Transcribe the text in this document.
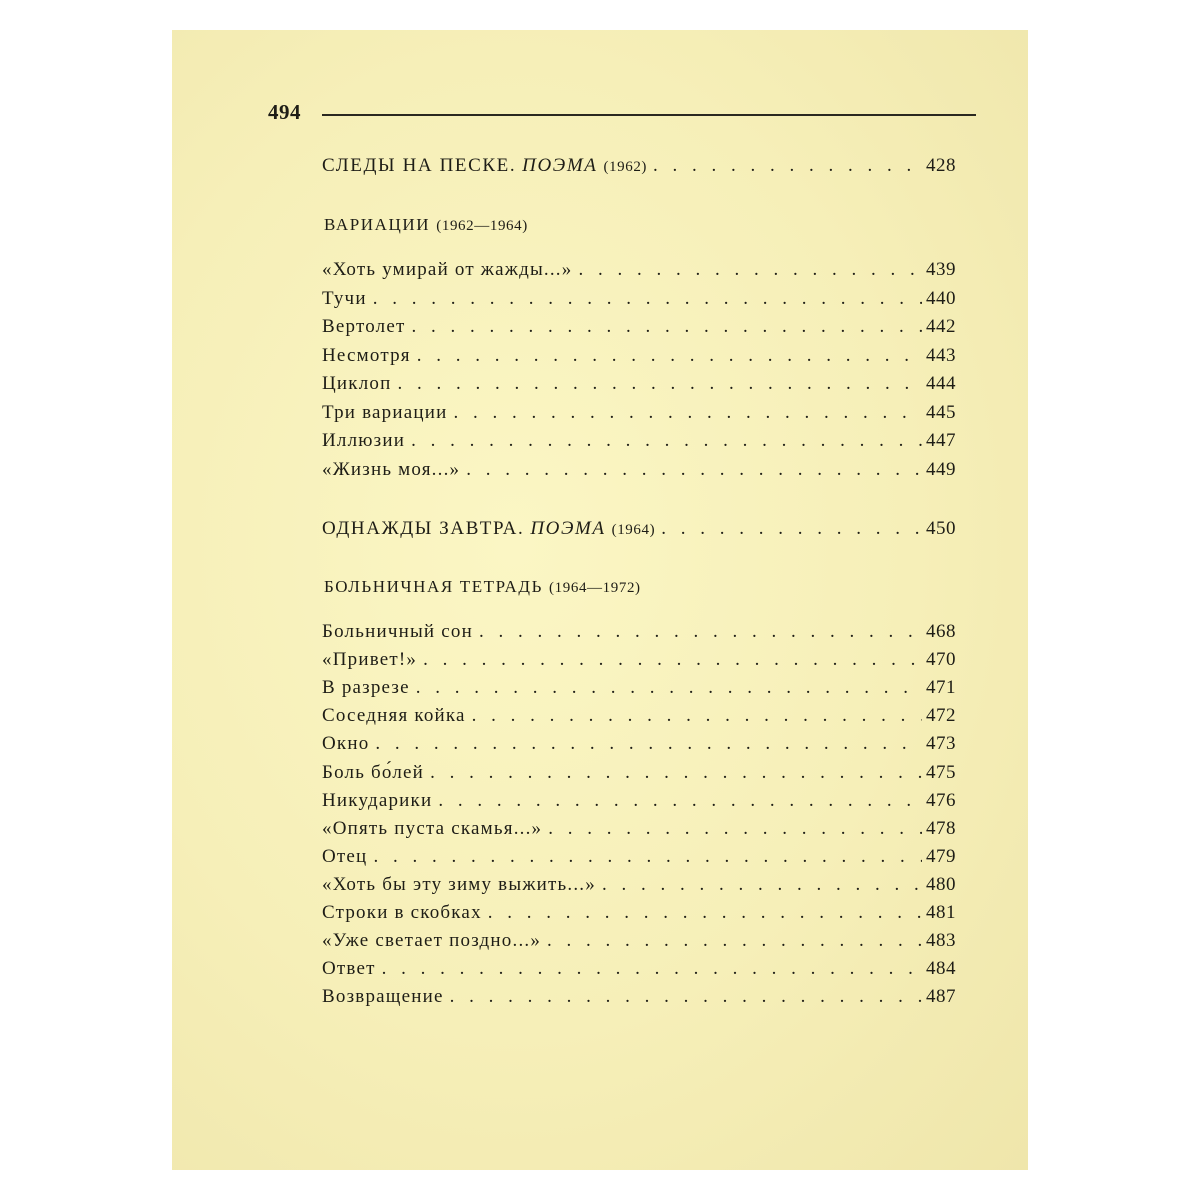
494
СЛЕДЫ НА ПЕСКЕ. ПОЭМА (1962) . . .	428
ВАРИАЦИИ (1962—1964)
«Хоть умирай от жажды...» . . .	439
Тучи . . .	440
Вертолет . . .	442
Несмотря . . .	443
Циклоп . . .	444
Три вариации . . .	445
Иллюзии . . .	447
«Жизнь моя...» . . .	449
ОДНАЖДЫ ЗАВТРА. ПОЭМА (1964) . . .	450
БОЛЬНИЧНАЯ ТЕТРАДЬ (1964—1972)
Больничный сон . . .	468
«Привет!» . . .	470
В разрезе . . .	471
Соседняя койка . . .	472
Окно . . .	473
Боль бо́лей . . .	475
Никударики . . .	476
«Опять пуста скамья...» . . .	478
Отец . . .	479
«Хоть бы эту зиму выжить...» . . .	480
Строки в скобках . . .	481
«Уже светает поздно...» . . .	483
Ответ . . .	484
Возвращение . . .	487
